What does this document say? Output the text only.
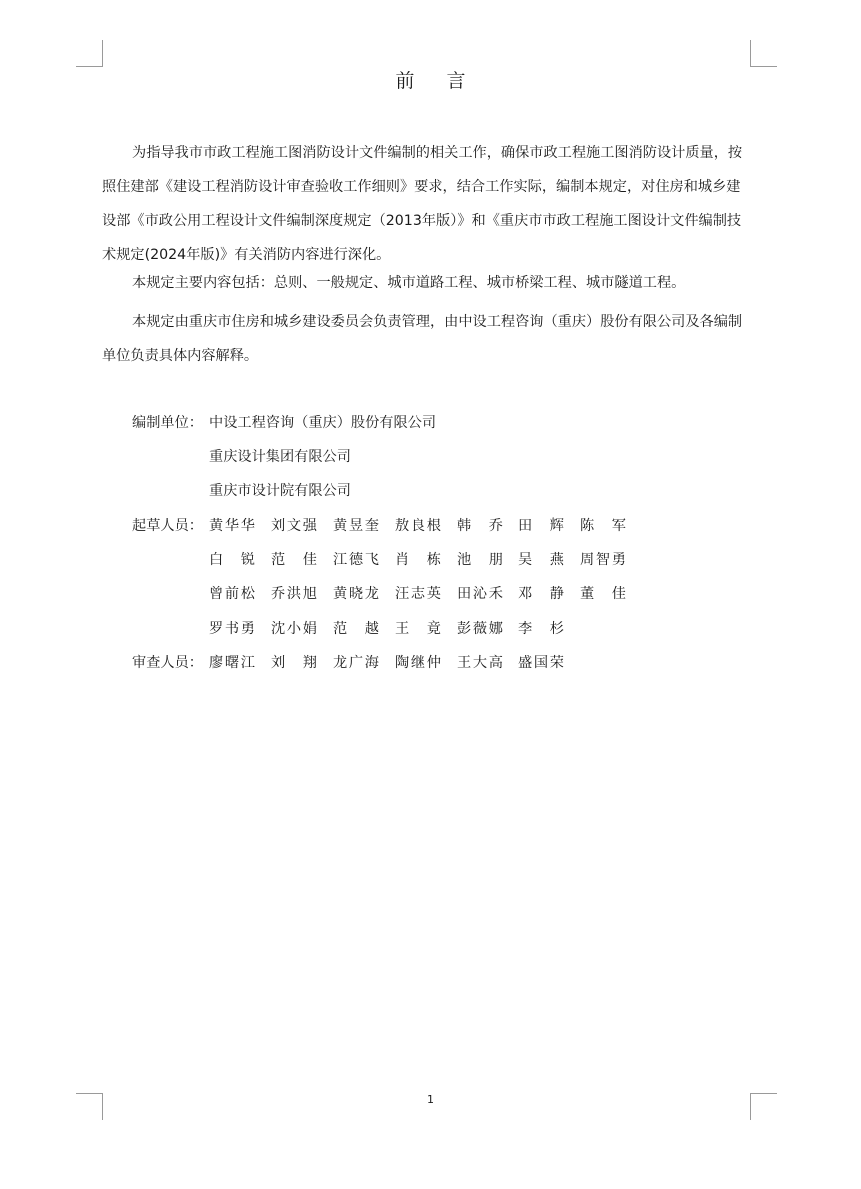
前言
为指导我市市政工程施工图消防设计文件编制的相关工作，确保市政工程施工图消防设计质量，按照住建部《建设工程消防设计审查验收工作细则》要求，结合工作实际，编制本规定，对住房和城乡建设部《市政公用工程设计文件编制深度规定（2013年版）》和《重庆市市政工程施工图设计文件编制技术规定(2024年版)》有关消防内容进行深化。
本规定主要内容包括：总则、一般规定、城市道路工程、城市桥梁工程、城市隧道工程。
本规定由重庆市住房和城乡建设委员会负责管理，由中设工程咨询（重庆）股份有限公司及各编制单位负责具体内容解释。
编制单位： 中设工程咨询（重庆）股份有限公司
重庆设计集团有限公司
重庆市设计院有限公司
起草人员： 黄华华 刘文强 黄昱奎 敖良根 韩乔 田辉 陈军
白锐 范佳 江德飞 肖栋 池朋 吴燕 周智勇
曾前松 乔洪旭 黄晓龙 汪志英 田沁禾 邓静 董佳
罗书勇 沈小娟 范越 王竟 彭薇娜 李杉
审查人员： 廖曙江 刘翔 龙广海 陶继仲 王大高 盛国荣
1
